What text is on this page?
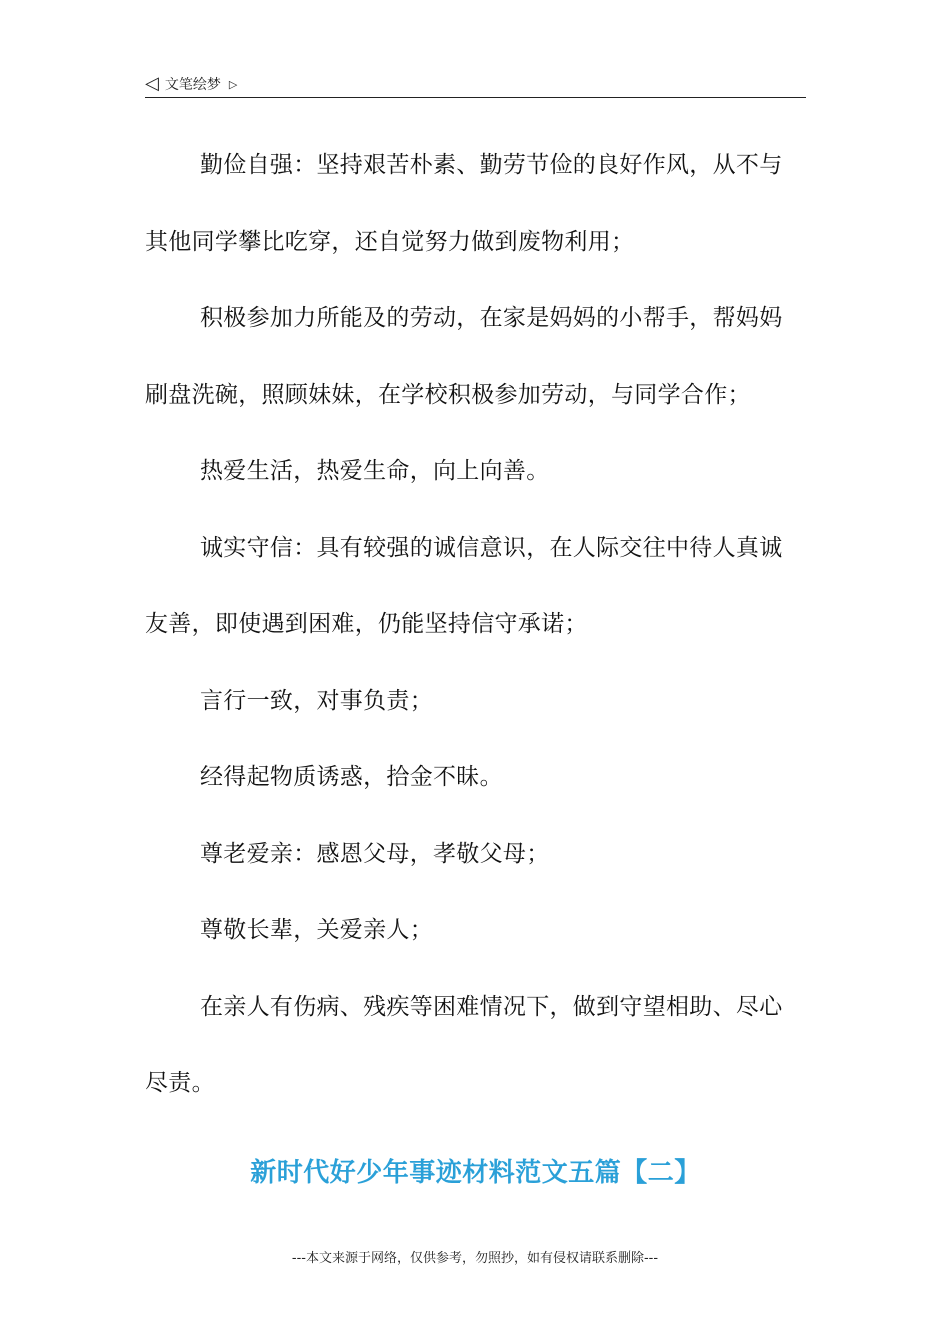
◁ 文笔绘梦 ▷

勤俭自强：坚持艰苦朴素、勤劳节俭的良好作风，从不与

其他同学攀比吃穿，还自觉努力做到废物利用；

积极参加力所能及的劳动，在家是妈妈的小帮手，帮妈妈

刷盘洗碗，照顾妹妹，在学校积极参加劳动，与同学合作；

热爱生活，热爱生命，向上向善。

诚实守信：具有较强的诚信意识，在人际交往中待人真诚

友善，即使遇到困难，仍能坚持信守承诺；

言行一致，对事负责；

经得起物质诱惑，拾金不昧。

尊老爱亲：感恩父母，孝敬父母；

尊敬长辈，关爱亲人；

在亲人有伤病、残疾等困难情况下，做到守望相助、尽心

尽责。

新时代好少年事迹材料范文五篇【二】
---本文来源于网络，仅供参考，勿照抄，如有侵权请联系删除---
